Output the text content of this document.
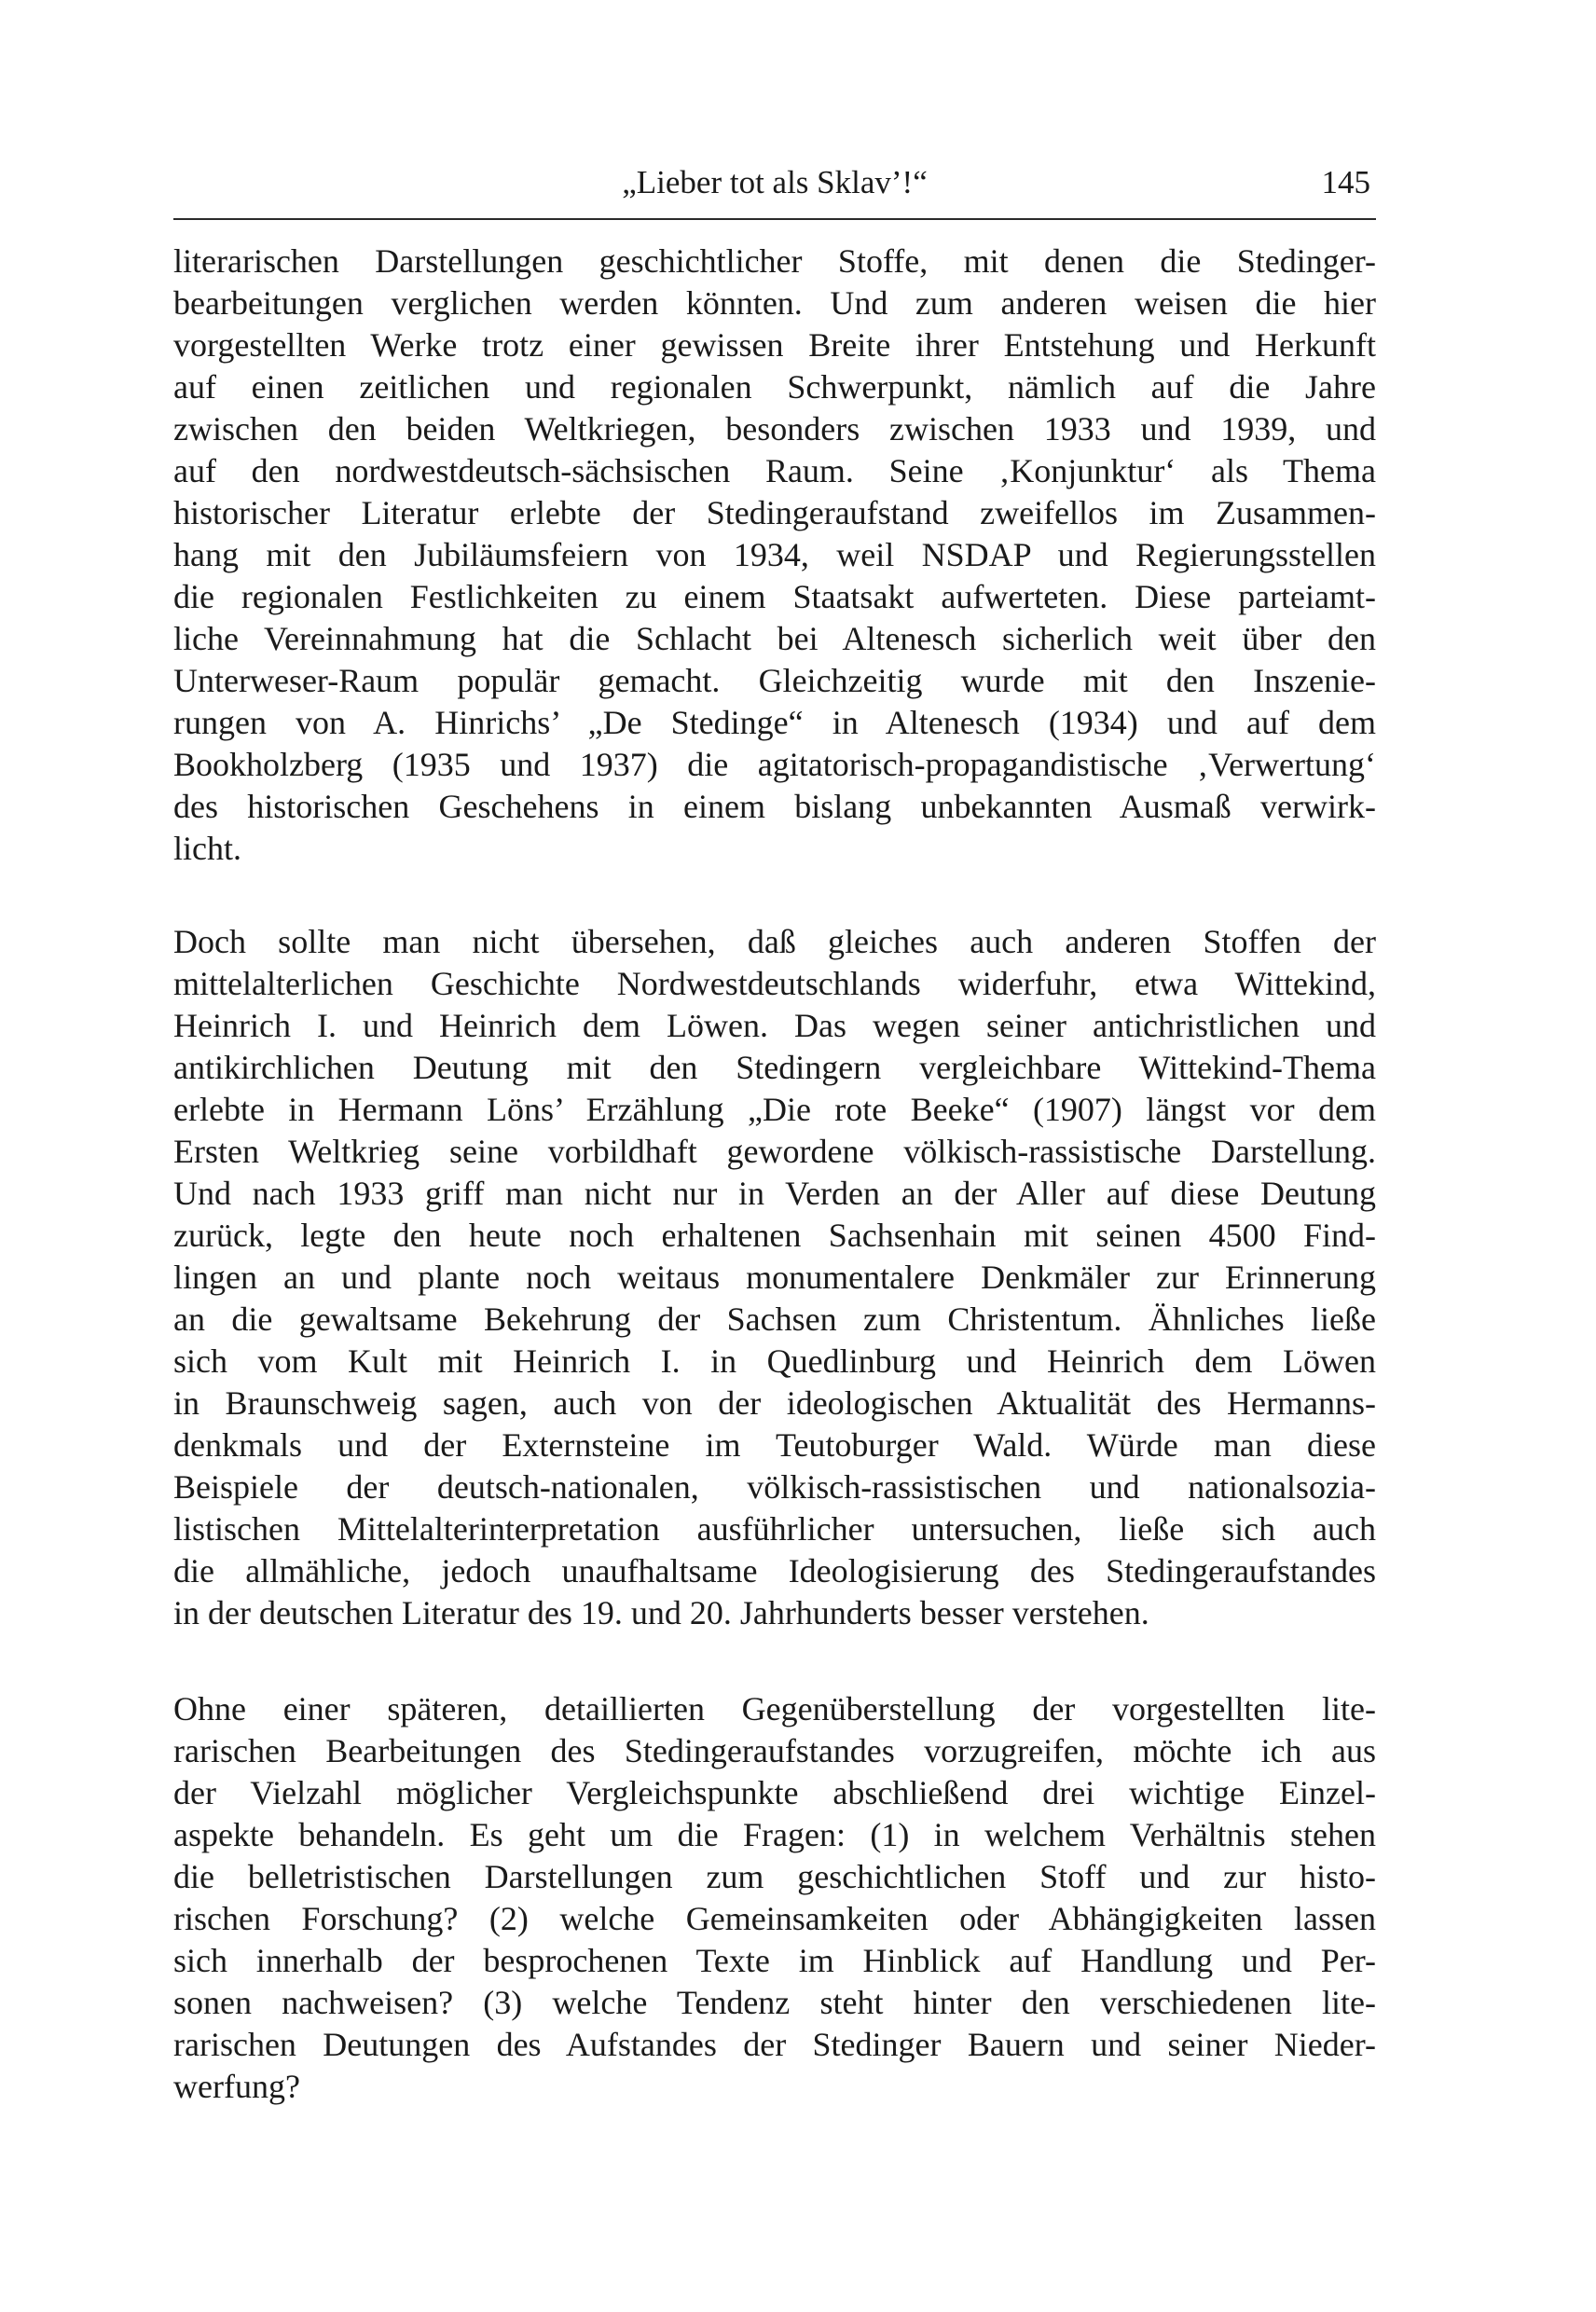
„Lieber tot als Sklav’!“	145

literarischen Darstellungen geschichtlicher Stoffe, mit denen die Stedinger-
bearbeitungen verglichen werden könnten. Und zum anderen weisen die hier
vorgestellten Werke trotz einer gewissen Breite ihrer Entstehung und Herkunft
auf einen zeitlichen und regionalen Schwerpunkt, nämlich auf die Jahre
zwischen den beiden Weltkriegen, besonders zwischen 1933 und 1939, und
auf den nordwestdeutsch-sächsischen Raum. Seine ‚Konjunktur‘ als Thema
historischer Literatur erlebte der Stedingeraufstand zweifellos im Zusammen-
hang mit den Jubiläumsfeiern von 1934, weil NSDAP und Regierungsstellen
die regionalen Festlichkeiten zu einem Staatsakt aufwerteten. Diese parteiamt-
liche Vereinnahmung hat die Schlacht bei Altenesch sicherlich weit über den
Unterweser-Raum populär gemacht. Gleichzeitig wurde mit den Inszenie-
rungen von A. Hinrichs’ „De Stedinge“ in Altenesch (1934) und auf dem
Bookholzberg (1935 und 1937) die agitatorisch-propagandistische ‚Verwertung‘
des historischen Geschehens in einem bislang unbekannten Ausmaß verwirk-
licht.

Doch sollte man nicht übersehen, daß gleiches auch anderen Stoffen der
mittelalterlichen Geschichte Nordwestdeutschlands widerfuhr, etwa Wittekind,
Heinrich I. und Heinrich dem Löwen. Das wegen seiner antichristlichen und
antikirchlichen Deutung mit den Stedingern vergleichbare Wittekind-Thema
erlebte in Hermann Löns’ Erzählung „Die rote Beeke“ (1907) längst vor dem
Ersten Weltkrieg seine vorbildhaft gewordene völkisch-rassistische Darstellung.
Und nach 1933 griff man nicht nur in Verden an der Aller auf diese Deutung
zurück, legte den heute noch erhaltenen Sachsenhain mit seinen 4500 Find-
lingen an und plante noch weitaus monumentalere Denkmäler zur Erinnerung
an die gewaltsame Bekehrung der Sachsen zum Christentum. Ähnliches ließe
sich vom Kult mit Heinrich I. in Quedlinburg und Heinrich dem Löwen
in Braunschweig sagen, auch von der ideologischen Aktualität des Hermanns-
denkmals und der Externsteine im Teutoburger Wald. Würde man diese
Beispiele der deutsch-nationalen, völkisch-rassistischen und nationalsozia-
listischen Mittelalterinterpretation ausführlicher untersuchen, ließe sich auch
die allmähliche, jedoch unaufhaltsame Ideologisierung des Stedingeraufstandes
in der deutschen Literatur des 19. und 20. Jahrhunderts besser verstehen.

Ohne einer späteren, detaillierten Gegenüberstellung der vorgestellten lite-
rarischen Bearbeitungen des Stedingeraufstandes vorzugreifen, möchte ich aus
der Vielzahl möglicher Vergleichspunkte abschließend drei wichtige Einzel-
aspekte behandeln. Es geht um die Fragen: (1) in welchem Verhältnis stehen
die belletristischen Darstellungen zum geschichtlichen Stoff und zur histo-
rischen Forschung? (2) welche Gemeinsamkeiten oder Abhängigkeiten lassen
sich innerhalb der besprochenen Texte im Hinblick auf Handlung und Per-
sonen nachweisen? (3) welche Tendenz steht hinter den verschiedenen lite-
rarischen Deutungen des Aufstandes der Stedinger Bauern und seiner Nieder-
werfung?
